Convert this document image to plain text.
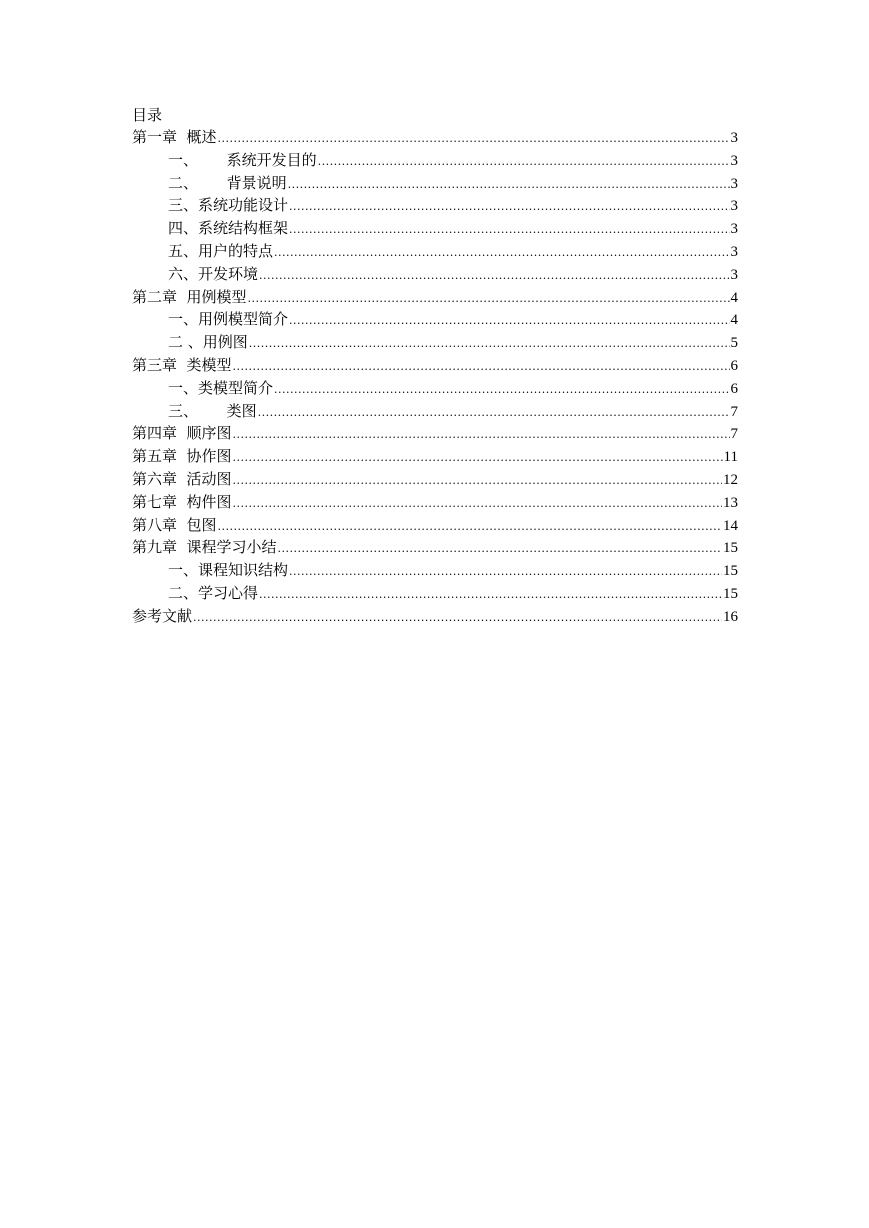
目录
第一章  概述 .....	3
一、      系统开发目的 .....	3
二、      背景说明 .....	3
三、系统功能设计 .....	3
四、系统结构框架 .....	3
五、用户的特点 .....	3
六、开发环境 .....	3
第二章  用例模型 .....	4
一、用例模型简介 .....	4
二 、用例图 .....	5
第三章  类模型 .....	6
一、类模型简介 .....	6
三、      类图 .....	7
第四章  顺序图 .....	7
第五章  协作图 .....	11
第六章  活动图 .....	12
第七章  构件图 .....	13
第八章  包图 .....	14
第九章  课程学习小结 .....	15
一、课程知识结构 .....	15
二、学习心得 .....	15
参考文献 .....	16
